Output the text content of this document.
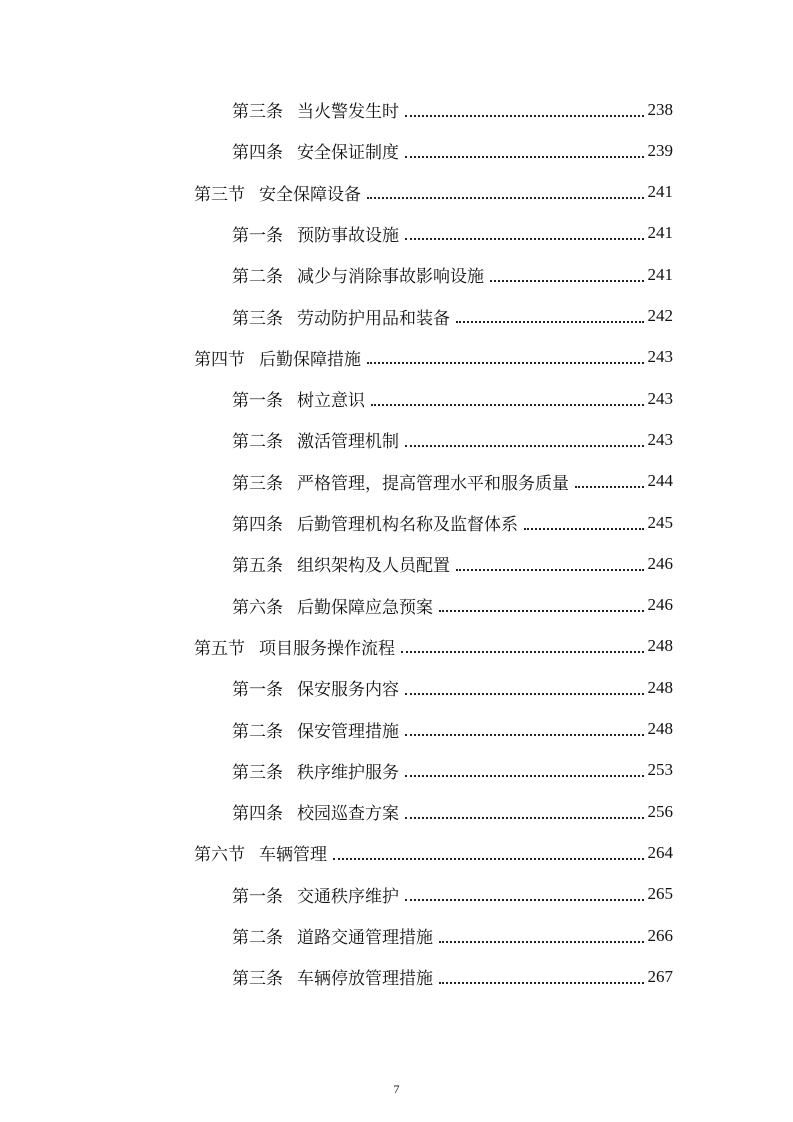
第三条 当火警发生时	238
第四条 安全保证制度	239
第三节 安全保障设备	241
第一条 预防事故设施	241
第二条 减少与消除事故影响设施	241
第三条 劳动防护用品和装备	242
第四节 后勤保障措施	243
第一条 树立意识	243
第二条 激活管理机制	243
第三条 严格管理，提高管理水平和服务质量	244
第四条 后勤管理机构名称及监督体系	245
第五条 组织架构及人员配置	246
第六条 后勤保障应急预案	246
第五节 项目服务操作流程	248
第一条 保安服务内容	248
第二条 保安管理措施	248
第三条 秩序维护服务	253
第四条 校园巡查方案	256
第六节 车辆管理	264
第一条 交通秩序维护	265
第二条 道路交通管理措施	266
第三条 车辆停放管理措施	267
7
